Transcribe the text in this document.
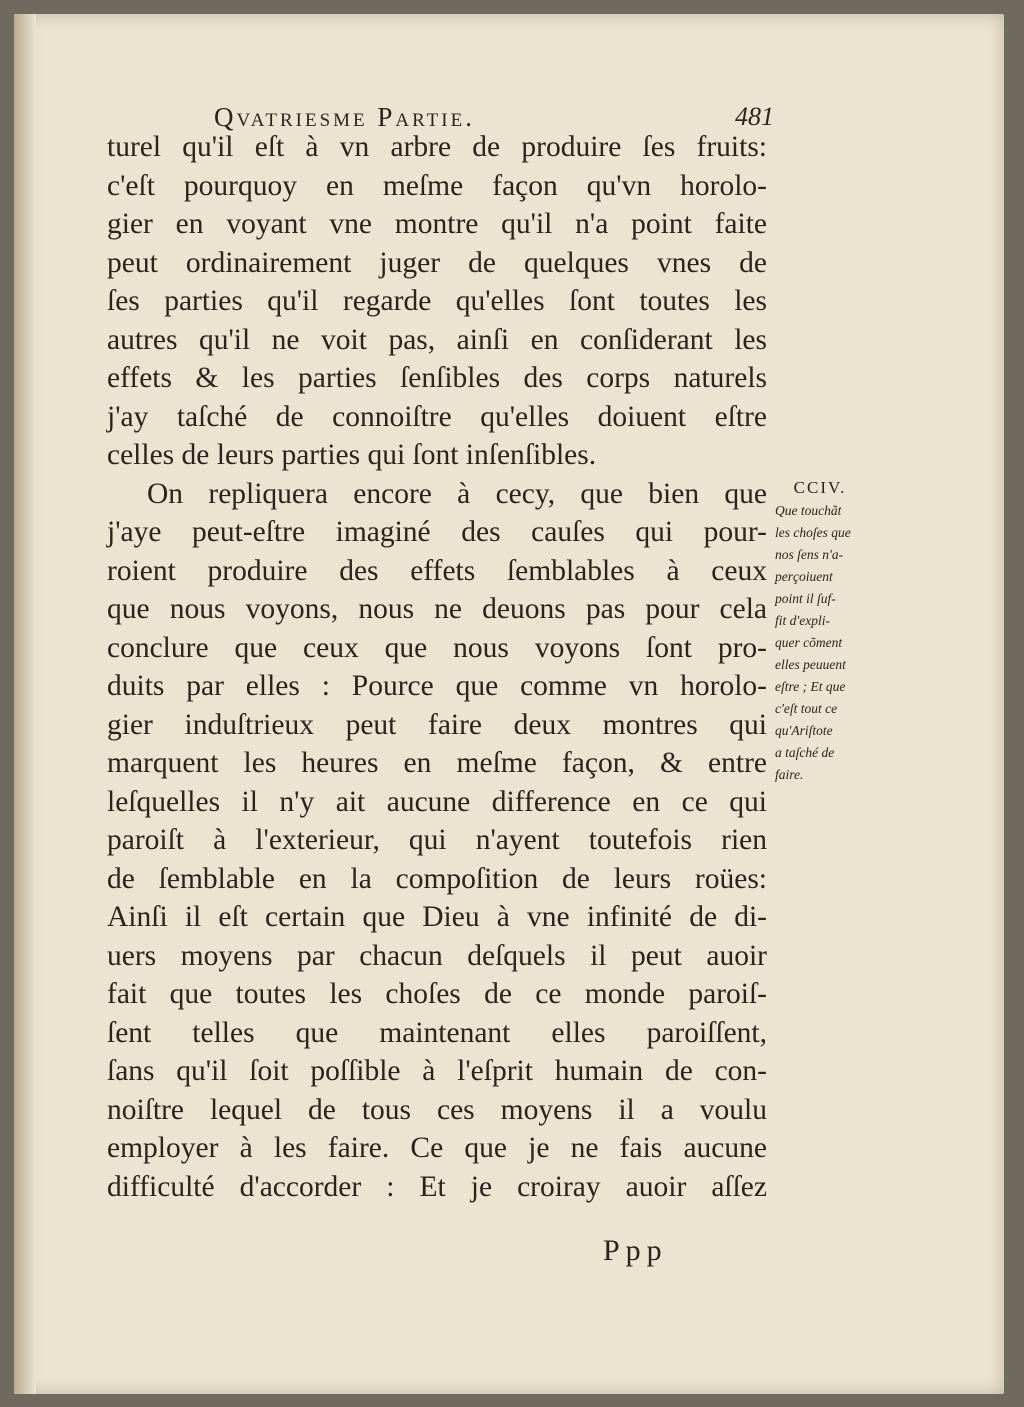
Qvatriesme Partie.	481
turel qu'il eſt à vn arbre de produire ſes fruits:
c'eſt pourquoy en meſme façon qu'vn horolo-
gier en voyant vne montre qu'il n'a point faite
peut ordinairement juger de quelques vnes de
ſes parties qu'il regarde qu'elles ſont toutes les
autres qu'il ne voit pas, ainſi en conſiderant les
effets & les parties ſenſibles des corps naturels
j'ay taſché de connoiſtre qu'elles doiuent eſtre
celles de leurs parties qui ſont inſenſibles.
On repliquera encore à cecy, que bien que
j'aye peut-eſtre imaginé des cauſes qui pour-
roient produire des effets ſemblables à ceux
que nous voyons, nous ne deuons pas pour cela
conclure que ceux que nous voyons ſont pro-
duits par elles : Pource que comme vn horolo-
gier induſtrieux peut faire deux montres qui
marquent les heures en meſme façon, & entre
leſquelles il n'y ait aucune difference en ce qui
paroiſt à l'exterieur, qui n'ayent toutefois rien
de ſemblable en la compoſition de leurs roües:
Ainſi il eſt certain que Dieu à vne infinité de di-
uers moyens par chacun deſquels il peut auoir
fait que toutes les choſes de ce monde paroiſ-
ſent telles que maintenant elles paroiſſent,
ſans qu'il ſoit poſſible à l'eſprit humain de con-
noiſtre lequel de tous ces moyens il a voulu
employer à les faire. Ce que je ne fais aucune
difficulté d'accorder : Et je croiray auoir aſſez
CCIV.
Que touchãt
les choſes que
nos ſens n'a-
perçoiuent
point il ſuf-
fit d'expli-
quer cõment
elles peuuent
eſtre ; Et que
c'eſt tout ce
qu'Ariſtote
a taſché de
faire.
Ppp
